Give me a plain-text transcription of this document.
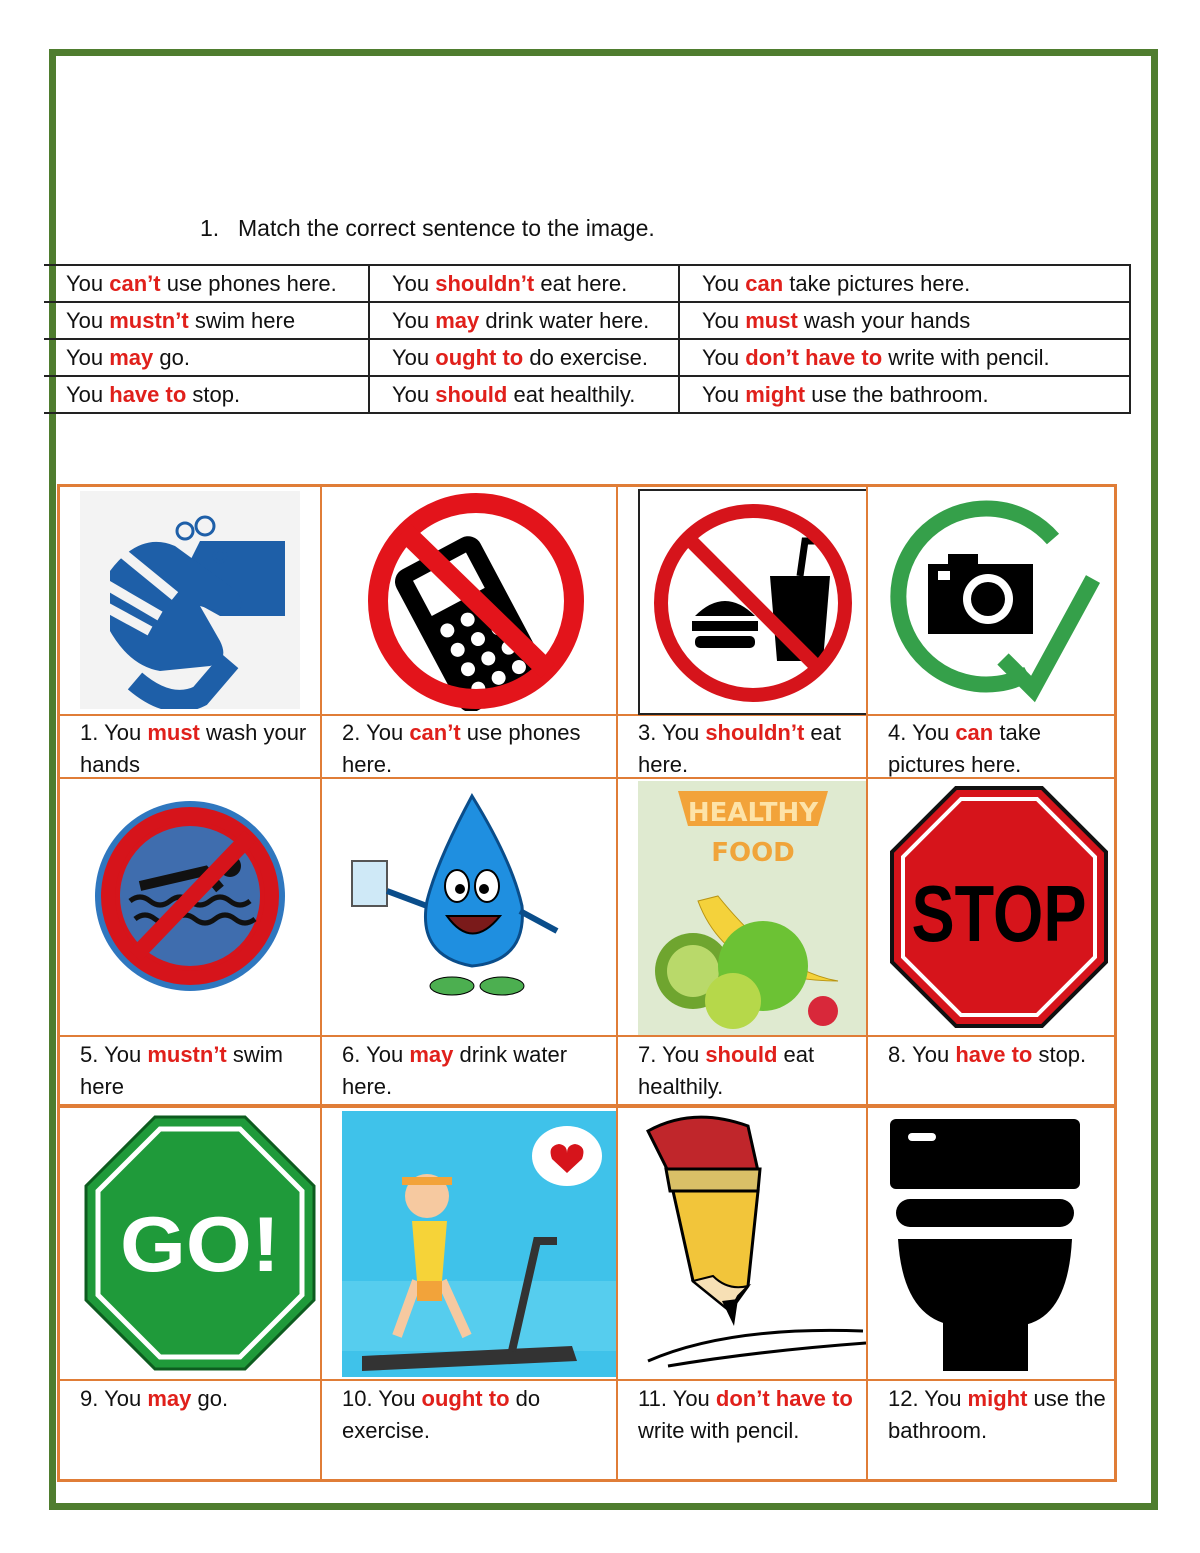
1. Match the correct sentence to the image.
You can’t use phones here.	You shouldn’t eat here.	You can take pictures here.
You mustn’t swim here	You may drink water here.	You must wash your hands
You may go.	You ought to do exercise.	You don’t have to write with pencil.
You have to stop.	You should eat healthily.	You might use the bathroom.
1. You must wash your hands
2. You can’t use phones here.
3. You shouldn’t eat here.
4. You can take pictures here.
HEALTHY
FOOD
STOP
5. You mustn’t swim here
6. You may drink water here.
7. You should eat healthily.
8. You have to stop.
GO!
9. You may go.	10. You ought to do exercise.
11. You don’t have to write with pencil.
12. You might use the bathroom.
